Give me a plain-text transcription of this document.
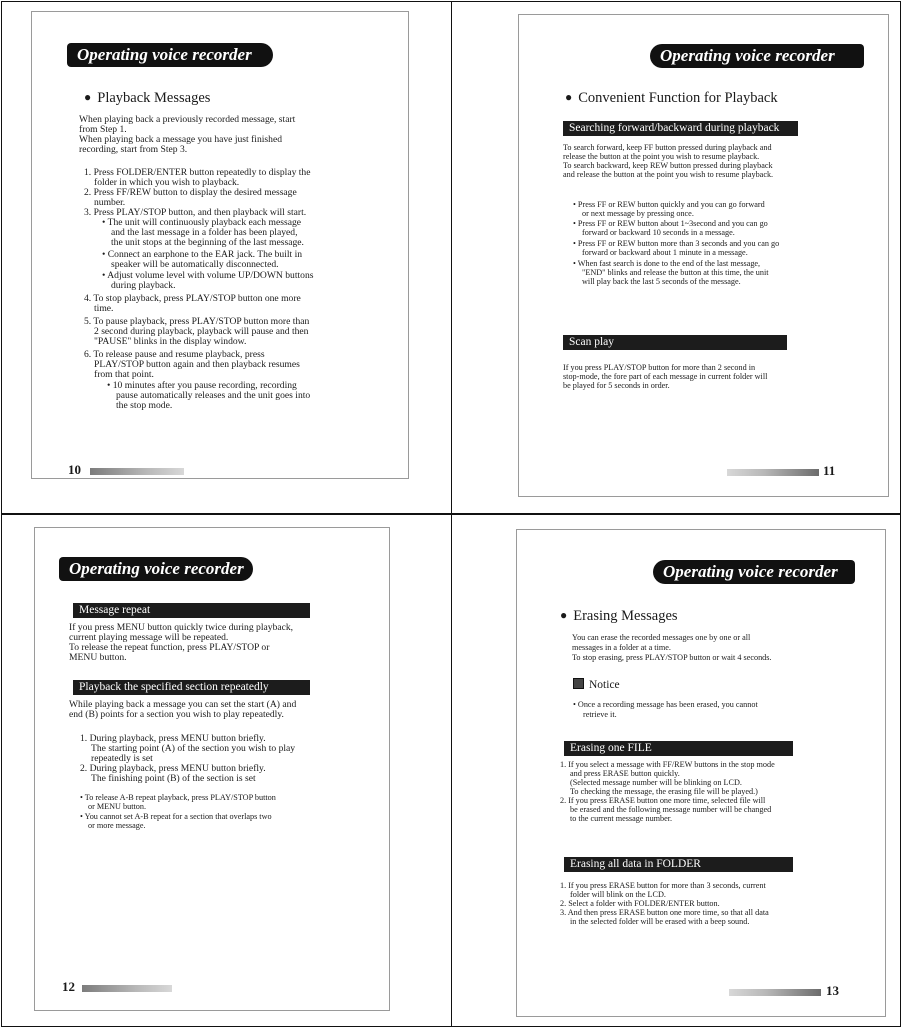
Operating voice recorder
● Playback Messages
When playing back a previously recorded message, start
from Step 1.
When playing back a message you have just finished
recording, start from Step 3.
1. Press FOLDER/ENTER button repeatedly to display the
folder in which you wish to playback.
2. Press FF/REW button to display the desired message
number.
3. Press PLAY/STOP button, and then playback will start.
• The unit will continuously playback each message
and the last message in a folder has been played,
the unit stops at the beginning of the last message.
• Connect an earphone to the EAR jack. The built in
speaker will be automatically disconnected.
• Adjust volume level with volume UP/DOWN buttons
during playback.
4. To stop playback, press PLAY/STOP button one more
time.
5. To pause playback, press PLAY/STOP button more than
2 second during playback, playback will pause and then
"PAUSE" blinks in the display window.
6. To release pause and resume playback, press
PLAY/STOP button again and then playback resumes
from that point.
• 10 minutes after you pause recording, recording
pause automatically releases and the unit goes into
the stop mode.
10
Operating voice recorder
● Convenient Function for Playback
Searching forward/backward during playback
To search forward, keep FF button pressed during playback and
release the button at the point you wish to resume playback.
To search backward, keep REW button pressed during playback
and release the button at the point you wish to resume playback.
• Press FF or REW button quickly and you can go forward
or next message by pressing once.
• Press FF or REW button about 1~3second and you can go
forward or backward 10 seconds in a message.
• Press FF or REW button more than 3 seconds and you can go
forward or backward about 1 minute in a message.
• When fast search is done to the end of the last message,
"END" blinks and release the button at this time, the unit
will play back the last 5 seconds of the message.
Scan play
If you press PLAY/STOP button for more than 2 second in
stop-mode, the fore part of each message in current folder will
be played for 5 seconds in order.
11
Operating voice recorder
Message repeat
If you press MENU button quickly twice during playback,
current playing message will be repeated.
To release the repeat function, press PLAY/STOP or
MENU button.
Playback the specified section repeatedly
While playing back a message you can set the start (A) and
end (B) points for a section you wish to play repeatedly.
1. During playback, press MENU button briefly.
The starting point (A) of the section you wish to play
repeatedly is set
2. During playback, press MENU button briefly.
The finishing point (B) of the section is set
• To release A-B repeat playback, press PLAY/STOP button
or MENU button.
• You cannot set A-B repeat for a section that overlaps two
or more message.
12
Operating voice recorder
● Erasing Messages
You can erase the recorded messages one by one or all
messages in a folder at a time.
To stop erasing, press PLAY/STOP button or wait 4 seconds.
Notice
• Once a recording message has been erased, you cannot
retrieve it.
Erasing one FILE
1. If you select a message with FF/REW buttons in the stop mode
and press ERASE button quickly.
(Selected message number will be blinking on LCD.
To checking the message, the erasing file will be played.)
2. If you press ERASE button one more time, selected file will
be erased and the following message number will be changed
to the current message number.
Erasing all data in FOLDER
1. If you press ERASE button for more than 3 seconds, current
folder will blink on the LCD.
2. Select a folder with FOLDER/ENTER button.
3. And then press ERASE button one more time, so that all data
in the selected folder will be erased with a beep sound.
13
